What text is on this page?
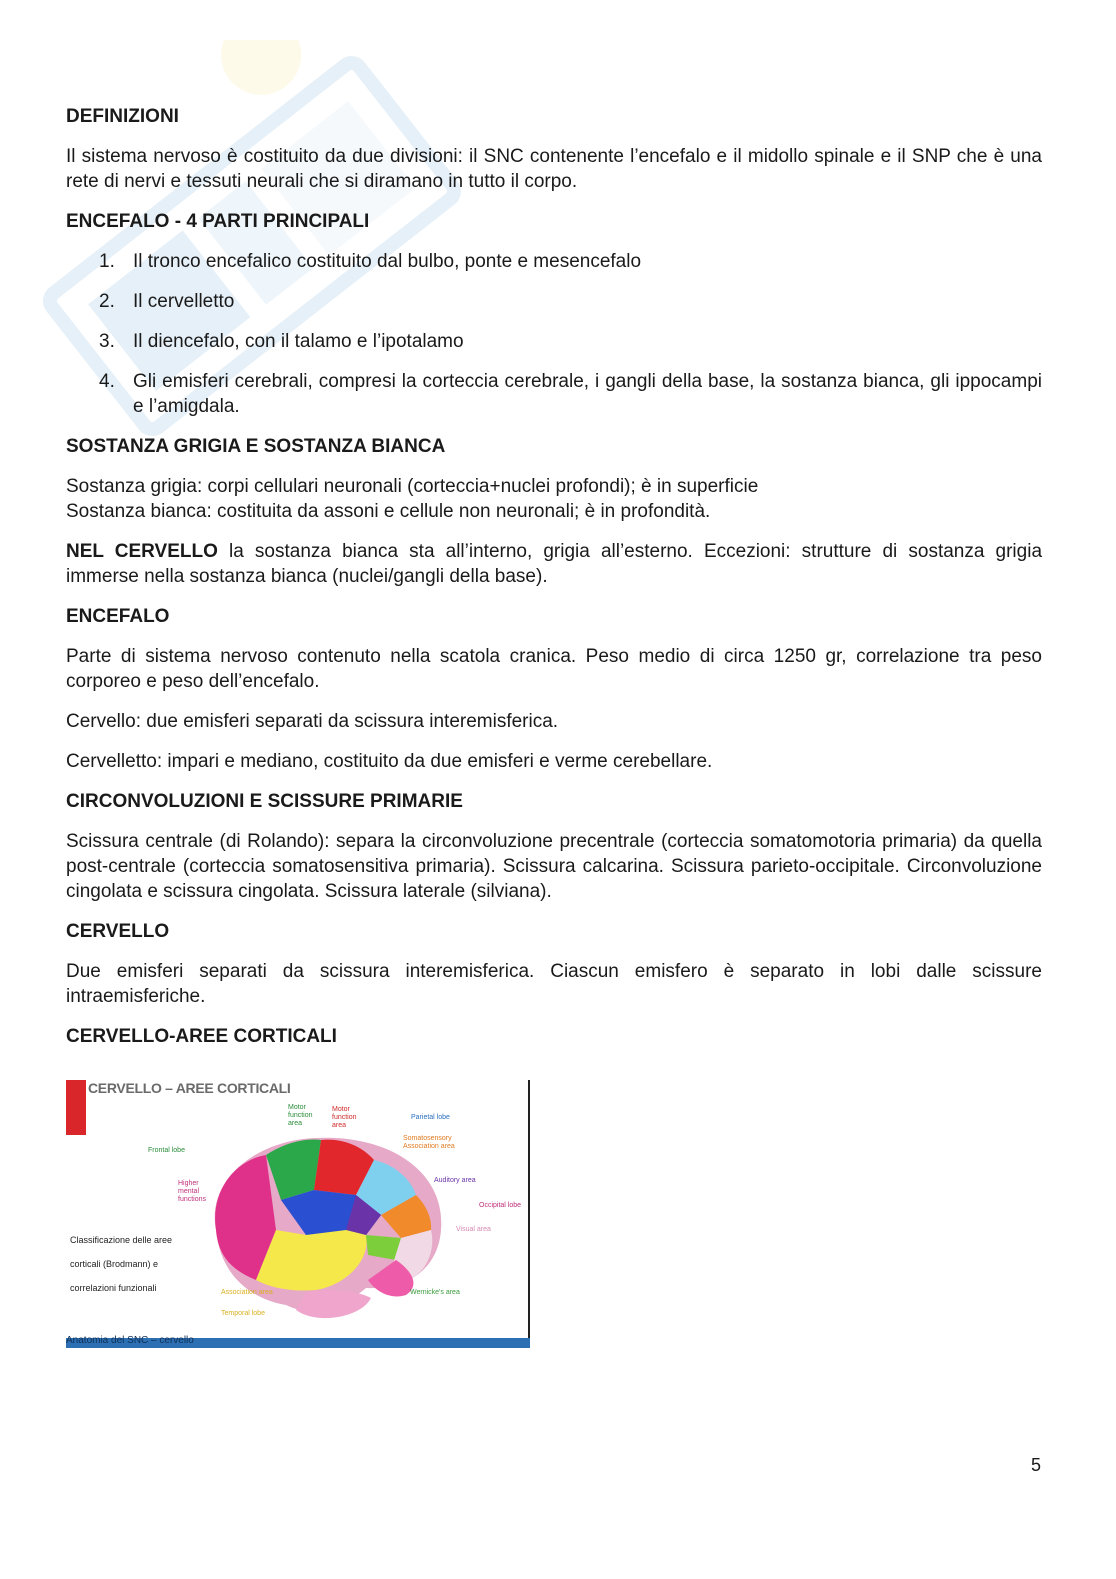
DEFINIZIONI
Il sistema nervoso è costituito da due divisioni: il SNC contenente l’encefalo e il midollo spinale e il SNP che è una rete di nervi e tessuti neurali che si diramano in tutto il corpo.
ENCEFALO - 4 PARTI PRINCIPALI
1. Il tronco encefalico costituito dal bulbo, ponte e mesencefalo
2. Il cervelletto
3. Il diencefalo, con il talamo e l’ipotalamo
4. Gli emisferi cerebrali, compresi la corteccia cerebrale, i gangli della base, la sostanza bianca, gli ippocampi e l’amigdala.
SOSTANZA GRIGIA E SOSTANZA BIANCA
Sostanza grigia: corpi cellulari neuronali (corteccia+nuclei profondi); è in superficie
Sostanza bianca: costituita da assoni e cellule non neuronali; è in profondità.
NEL CERVELLO la sostanza bianca sta all’interno, grigia all’esterno. Eccezioni: strutture di sostanza grigia immerse nella sostanza bianca (nuclei/gangli della base).
ENCEFALO
Parte di sistema nervoso contenuto nella scatola cranica. Peso medio di circa 1250 gr, correlazione tra peso corporeo e peso dell’encefalo.
Cervello: due emisferi separati da scissura interemisferica.
Cervelletto: impari e mediano, costituito da due emisferi e verme cerebellare.
CIRCONVOLUZIONI E SCISSURE PRIMARIE
Scissura centrale (di Rolando): separa la circonvoluzione precentrale (corteccia somatomotoria primaria) da quella post-centrale (corteccia somatosensitiva primaria). Scissura calcarina. Scissura parieto-occipitale. Circonvoluzione cingolata e scissura cingolata. Scissura laterale (silviana).
CERVELLO
Due emisferi separati da scissura interemisferica. Ciascun emisfero è separato in lobi dalle scissure intraemisferiche.
CERVELLO-AREE CORTICALI
CERVELLO – AREE CORTICALI
Classificazione delle aree
corticali (Brodmann) e
correlazioni funzionali
Frontal lobe
Higher mental functions
Motor function area
Motor function area
Parietal lobe
Somatosensory Association area
Auditory area
Occipital lobe
Visual area
Association area
Temporal lobe
Wernicke's area
Anatomia del SNC – cervello
5
